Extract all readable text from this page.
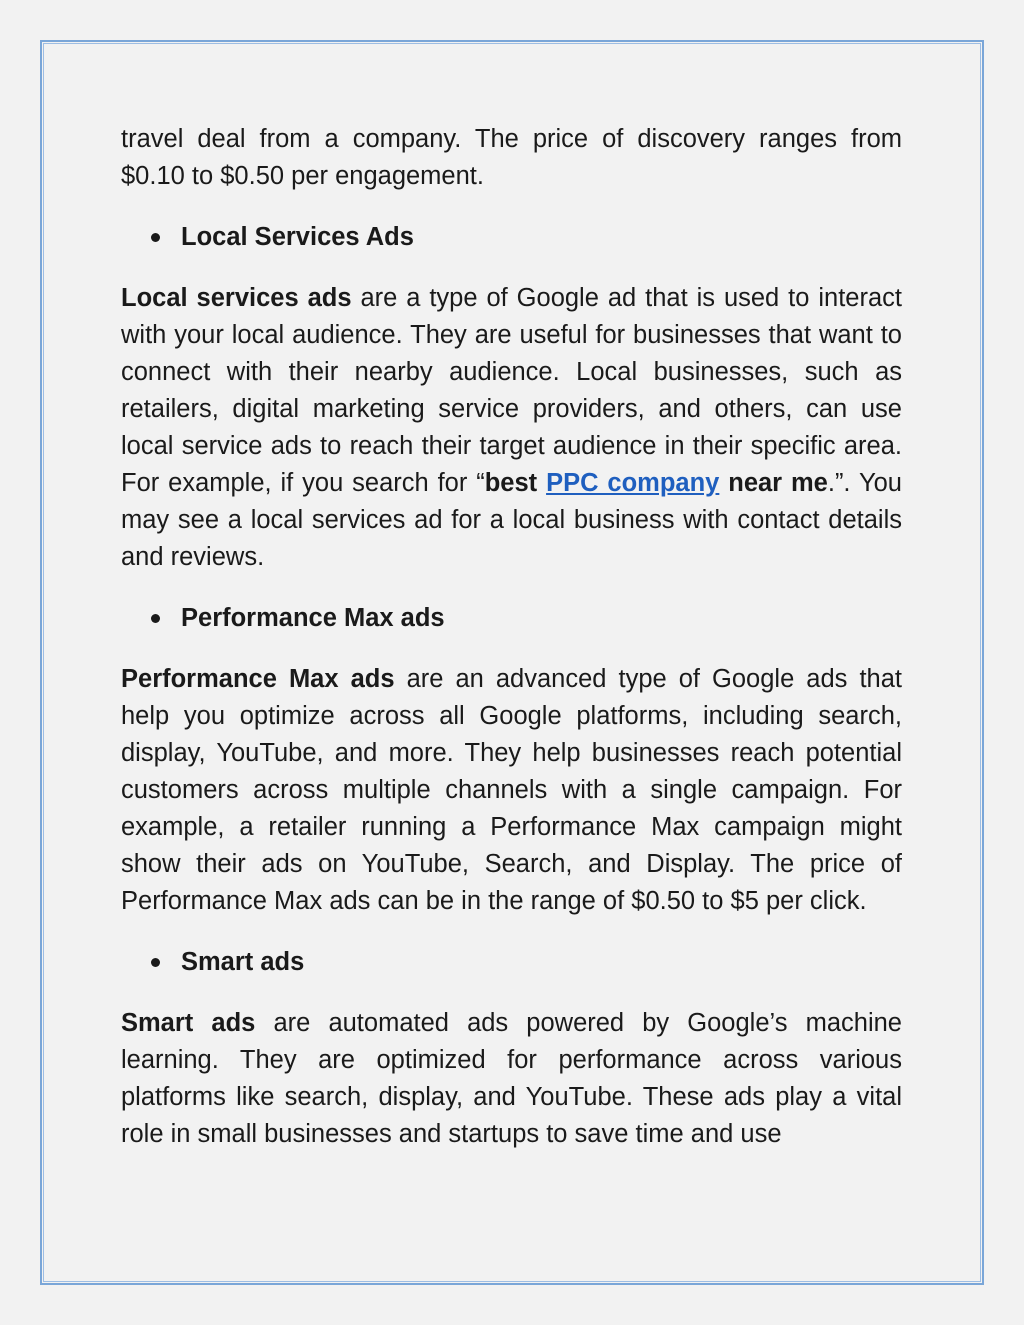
travel deal from a company. The price of discovery ranges from $0.10 to $0.50 per engagement.

Local Services Ads

Local services ads are a type of Google ad that is used to interact with your local audience. They are useful for businesses that want to connect with their nearby audience. Local businesses, such as retailers, digital marketing service providers, and others, can use local service ads to reach their target audience in their specific area. For example, if you search for “best PPC company near me.”. You may see a local services ad for a local business with contact details and reviews.

Performance Max ads

Performance Max ads are an advanced type of Google ads that help you optimize across all Google platforms, including search, display, YouTube, and more. They help businesses reach potential customers across multiple channels with a single campaign. For example, a retailer running a Performance Max campaign might show their ads on YouTube, Search, and Display. The price of Performance Max ads can be in the range of $0.50 to $5 per click.

Smart ads

Smart ads are automated ads powered by Google’s machine learning. They are optimized for performance across various platforms like search, display, and YouTube. These ads play a vital role in small businesses and startups to save time and use
